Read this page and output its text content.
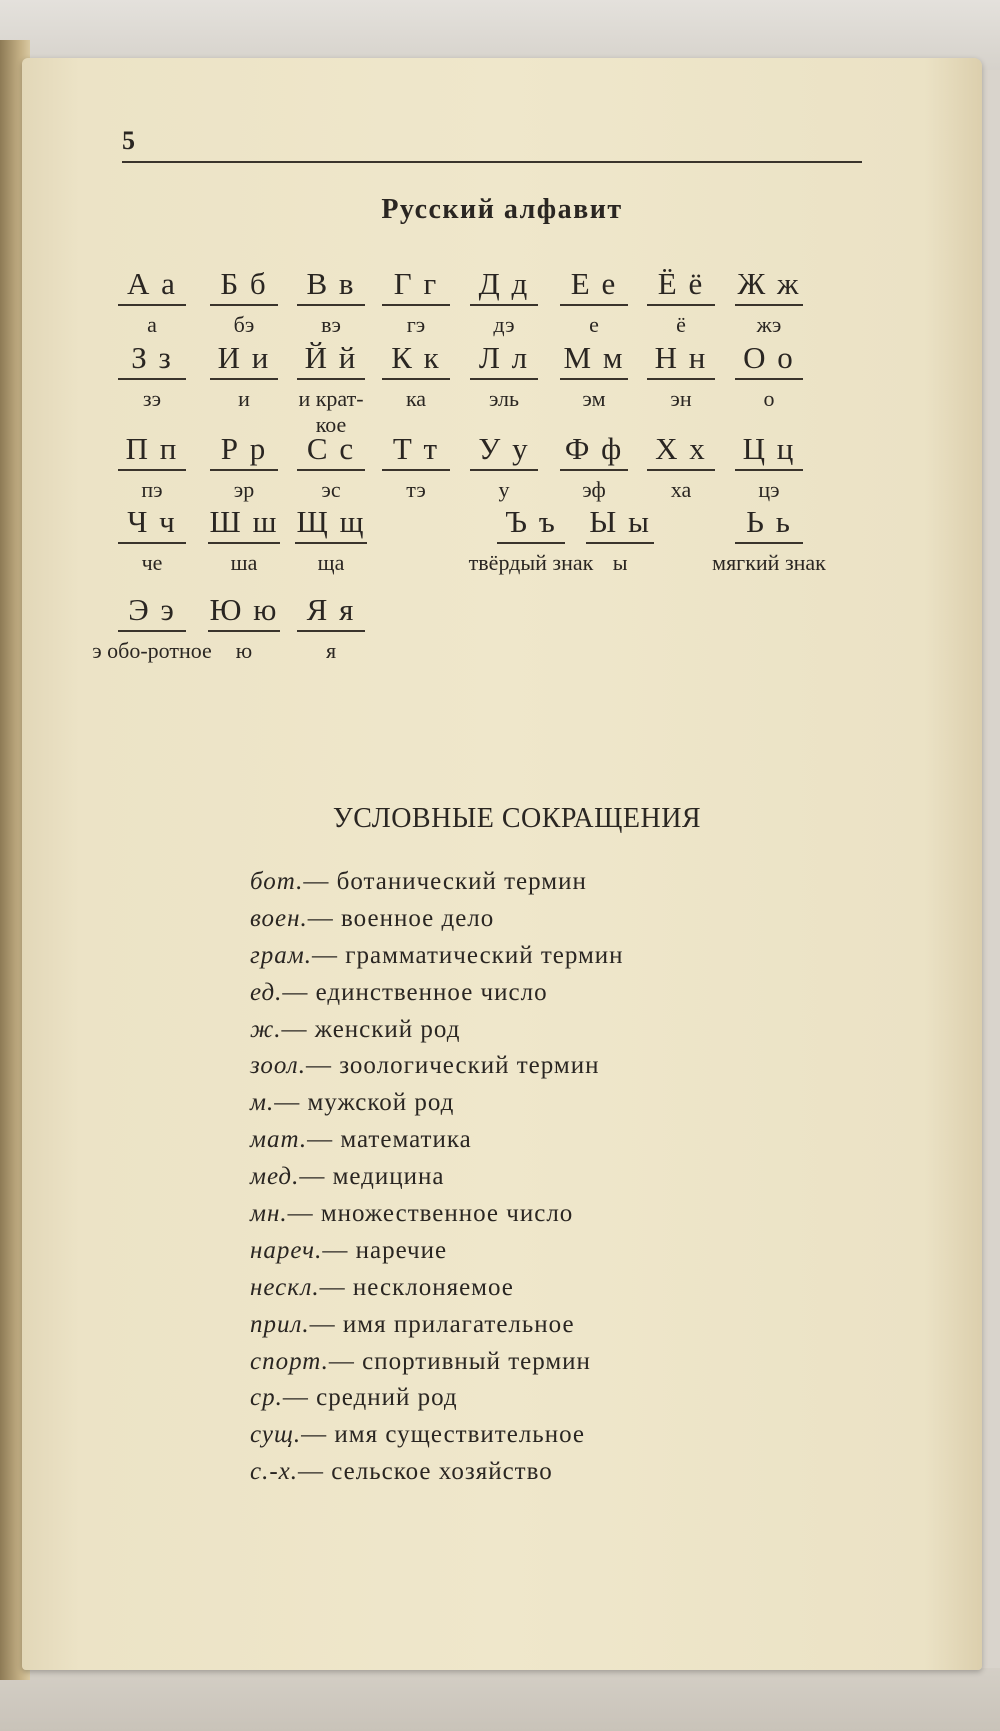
5
Русский алфавит
А а
а
Б б
бэ
В в
вэ
Г г
гэ
Д д
дэ
Е е
е
Ё ё
ё
Ж ж
жэ
З з
зэ
И и
и
Й й
и крат-кое
К к
ка
Л л
эль
М м
эм
Н н
эн
О о
о
П п
пэ
Р р
эр
С с
эс
Т т
тэ
У у
у
Ф ф
эф
Х х
ха
Ц ц
цэ
Ч ч
че
Ш ш
ша
Щ щ
ща
Ъ ъ
твёрдый знак
Ы ы
ы
Ь ь
мягкий знак
Э э
э обо-ротное
Ю ю
ю
Я я
я
УСЛОВНЫЕ СОКРАЩЕНИЯ
бот.— ботанический термин
воен.— военное дело
грам.— грамматический термин
ед.— единственное число
ж.— женский род
зоол.— зоологический термин
м.— мужской род
мат.— математика
мед.— медицина
мн.— множественное число
нареч.— наречие
нескл.— несклоняемое
прил.— имя прилагательное
спорт.— спортивный термин
ср.— средний род
сущ.— имя существительное
с.-х.— сельское хозяйство
